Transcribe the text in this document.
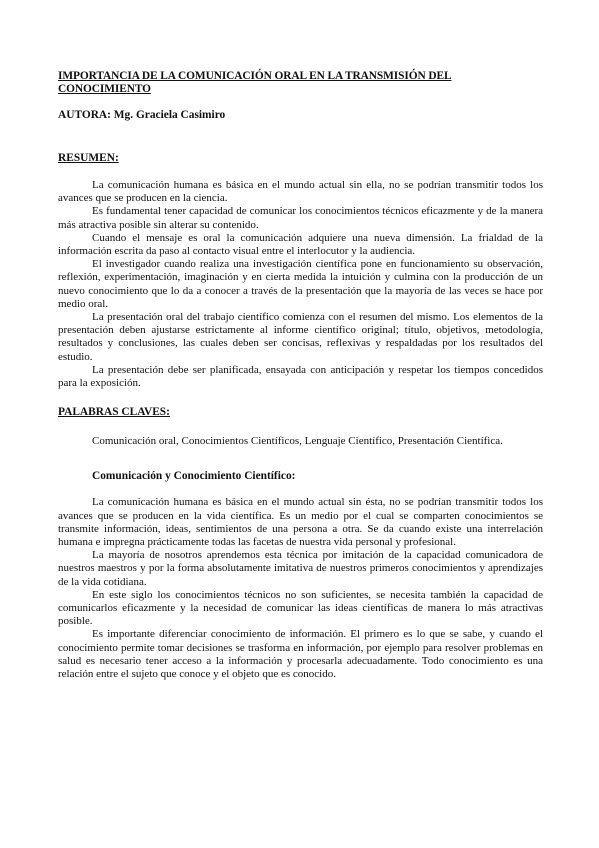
IMPORTANCIA DE LA COMUNICACIÓN ORAL EN LA TRANSMISIÓN DEL CONOCIMIENTO

AUTORA: Mg. Graciela Casimiro

RESUMEN:

La comunicación humana es básica en el mundo actual sin ella, no se podrían transmitir todos los avances que se producen en la ciencia.

Es fundamental tener capacidad de comunicar los conocimientos técnicos eficazmente y de la manera más atractiva posible sin alterar su contenido.

Cuando el mensaje es oral la comunicación adquiere una nueva dimensión. La frialdad de la información escrita da paso al contacto visual entre el interlocutor y la audiencia.

El investigador cuando realiza una investigación científica pone en funcionamiento su observación, reflexión, experimentación, imaginación y en cierta medida la intuición y culmina con la producción de un nuevo conocimiento que lo da a conocer a través de la presentación que la mayoría de las veces se hace por medio oral.

La presentación oral del trabajo científico comienza con el resumen del mismo. Los elementos de la presentación deben ajustarse estrictamente al informe científico original; título, objetivos, metodología, resultados y conclusiones, las cuales deben ser concisas, reflexivas y respaldadas por los resultados del estudio.

La presentación debe ser planificada, ensayada con anticipación y respetar los tiempos concedidos para la exposición.

PALABRAS CLAVES:

Comunicación oral, Conocimientos Científicos, Lenguaje Científico, Presentación Científica.

Comunicación y Conocimiento Científico:

La comunicación humana es básica en el mundo actual sin ésta, no se podrían transmitir todos los avances que se producen en la vida científica. Es un medio por el cual se comparten conocimientos se transmite información, ideas, sentimientos de una persona a otra. Se da cuando existe una interrelación humana e impregna prácticamente todas las facetas de nuestra vida personal y profesional.

La mayoría de nosotros aprendemos esta técnica por imitación de la capacidad comunicadora de nuestros maestros y por la forma absolutamente imitativa de nuestros primeros conocimientos y aprendizajes de la vida cotidiana.

En este siglo los conocimientos técnicos no son suficientes, se necesita también la capacidad de comunicarlos eficazmente y la necesidad de comunicar las ideas científicas de manera lo más atractivas posible.

Es importante diferenciar conocimiento de información. El primero es lo que se sabe, y cuando el conocimiento permite tomar decisiones se trasforma en información, por ejemplo para resolver problemas en salud es necesario tener acceso a la información y procesarla adecuadamente. Todo conocimiento es una relación entre el sujeto que conoce y el objeto que es conocido.
